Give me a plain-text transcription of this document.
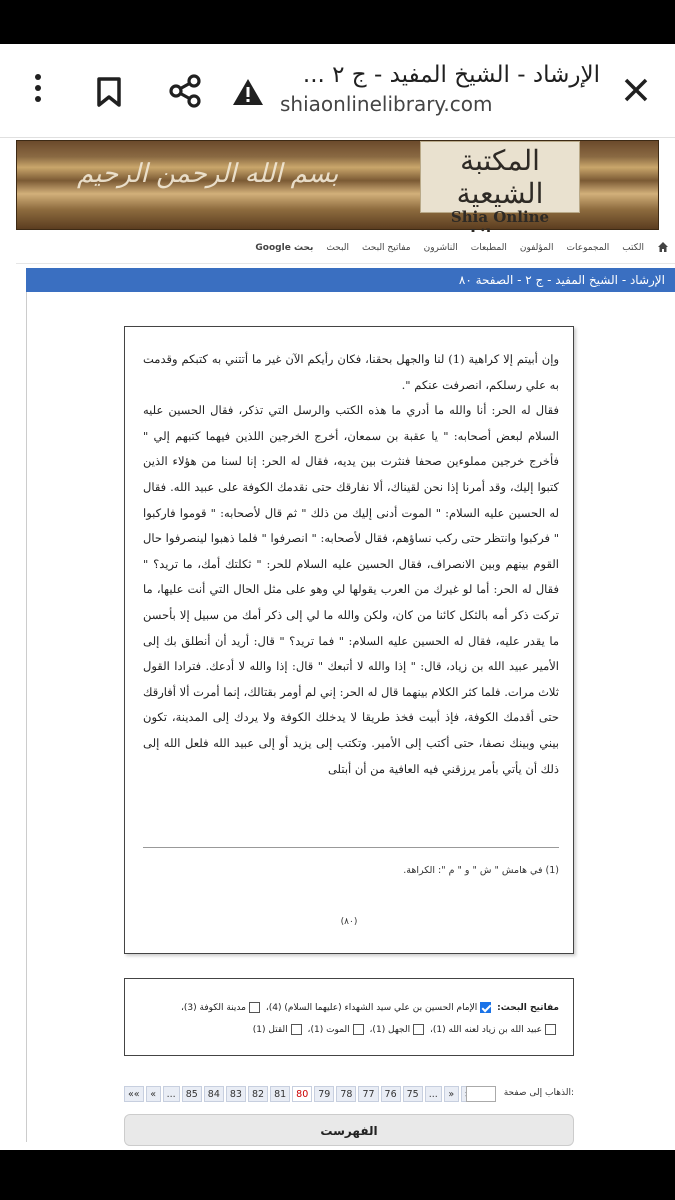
الإرشاد - الشيخ المفيد - ج ٢ ...
shiaonlinelibrary.com
بسم الله الرحمن الرحيم	المكتبة الشيعية
Shia Online
الكتب
المجموعات
المؤلفون
المطبعات
الناشرون
مفاتيح البحث
البحث
بحث Google
الإرشاد - الشيخ المفيد - ج ٢ - الصفحة ٨٠

وإن أبيتم إلا كراهية (1) لنا والجهل بحقنا، فكان رأيكم الآن غير ما أتتني به كتبكم وقدمت به علي رسلكم، انصرفت عنكم ".

فقال له الحر: أنا والله ما أدري ما هذه الكتب والرسل التي تذكر، فقال الحسين عليه السلام لبعض أصحابه: " يا عقبة بن سمعان، أخرج الخرجين اللذين فيهما كتبهم إلي " فأخرج خرجين مملوءين صحفا فنثرت بين يديه، فقال له الحر: إنا لسنا من هؤلاء الذين كتبوا إليك، وقد أمرنا إذا نحن لقيناك، ألا نفارقك حتى نقدمك الكوفة على عبيد الله. فقال له الحسين عليه السلام: " الموت أدنى إليك من ذلك " ثم قال لأصحابه: " قوموا فاركبوا " فركبوا وانتظر حتى ركب نساؤهم، فقال لأصحابه: " انصرفوا " فلما ذهبوا لينصرفوا حال القوم بينهم وبين الانصراف، فقال الحسين عليه السلام للحر: " ثكلتك أمك، ما تريد؟ " فقال له الحر: أما لو غيرك من العرب يقولها لي وهو على مثل الحال التي أنت عليها، ما تركت ذكر أمه بالثكل كائنا من كان، ولكن والله ما لي إلى ذكر أمك من سبيل إلا بأحسن ما يقدر عليه، فقال له الحسين عليه السلام: " فما تريد؟ " قال: أريد أن أنطلق بك إلى الأمير عبيد الله بن زياد، قال: " إذا والله لا أتبعك " قال: إذا والله لا أدعك. فترادا القول ثلاث مرات. فلما كثر الكلام بينهما قال له الحر: إني لم أومر بقتالك، إنما أمرت ألا أفارقك حتى أقدمك الكوفة، فإذ أبيت فخذ طريقا لا يدخلك الكوفة ولا يردك إلى المدينة، تكون بيني وبينك نصفا، حتى أكتب إلى الأمير. وتكتب إلى يزيد أو إلى عبيد الله فلعل الله إلى ذلك أن يأتي بأمر يرزقني فيه العافية من أن أبتلى

(1) في هامش " ش " و " م ": الكراهة.
(٨٠)
مفاتيح البحث: الإمام الحسين بن علي سيد الشهداء (عليهما السلام) (4)، مدينة الكوفة (3)،
عبيد الله بن زياد لعنه الله (1)، الجهل (1)، الموت (1)، القتل (1)
««	«	...	85	84	83	82	81	80	79	78	77	76	75	...	»	الذهاب إلى صفحة:
الفهرست
